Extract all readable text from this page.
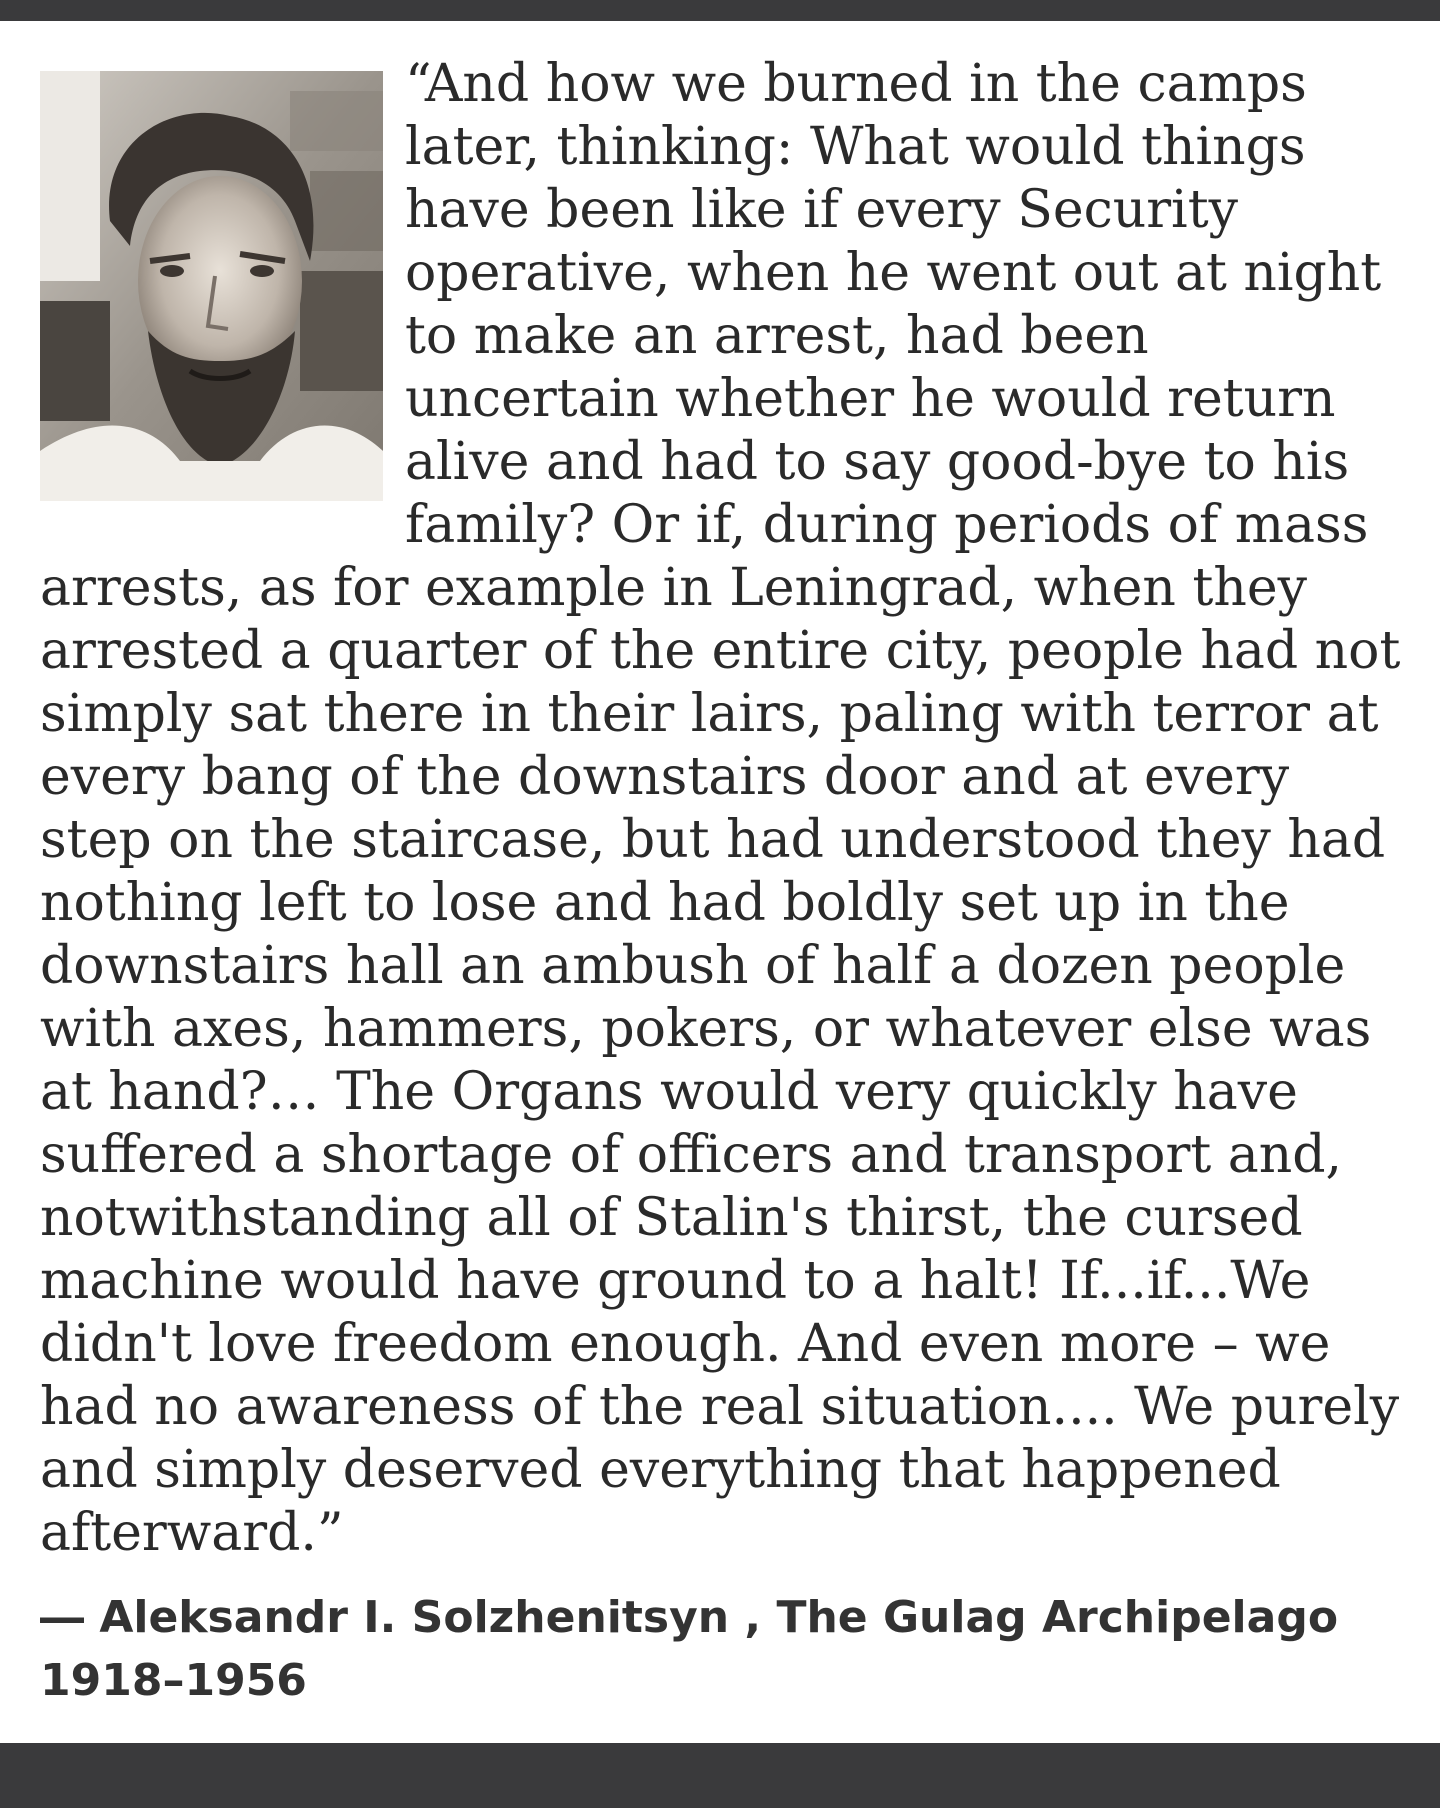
“And how we burned in the camps later, thinking: What would things have been like if every Security operative, when he went out at night to make an arrest, had been uncertain whether he would return alive and had to say good-bye to his family? Or if, during periods of mass arrests, as for example in Leningrad, when they arrested a quarter of the entire city, people had not simply sat there in their lairs, paling with terror at every bang of the downstairs door and at every step on the staircase, but had understood they had nothing left to lose and had boldly set up in the downstairs hall an ambush of half a dozen people with axes, hammers, pokers, or whatever else was at hand?… The Organs would very quickly have suffered a shortage of officers and transport and, notwithstanding all of Stalin's thirst, the cursed machine would have ground to a halt! If...if...We didn't love freedom enough. And even more – we had no awareness of the real situation.... We purely and simply deserved everything that happened afterward.”
― Aleksandr I. Solzhenitsyn , The Gulag Archipelago 1918–1956
